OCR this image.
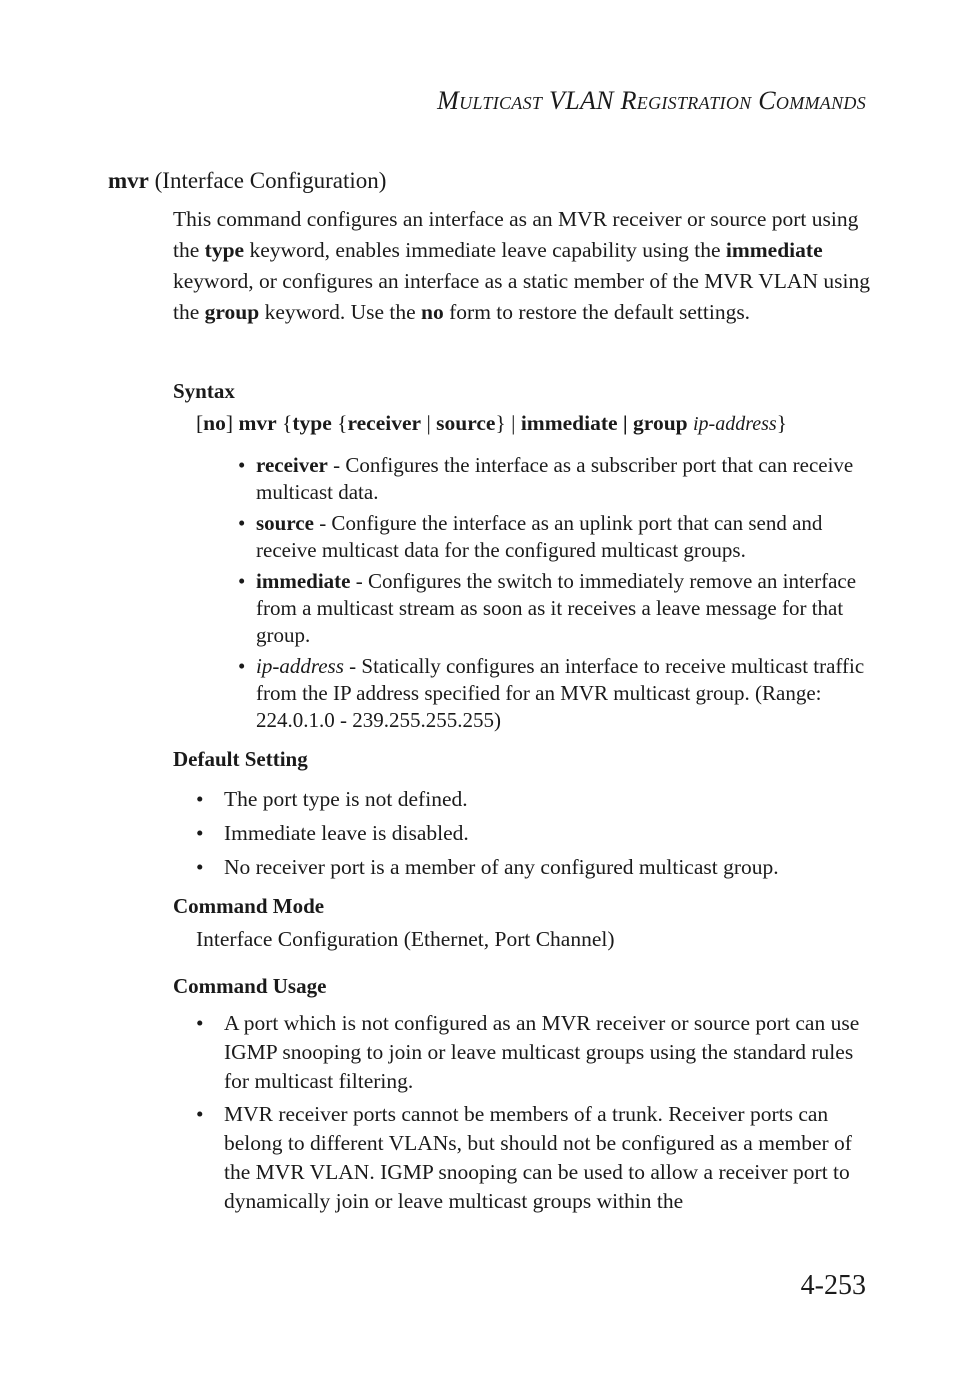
MULTICAST VLAN REGISTRATION COMMANDS
mvr (Interface Configuration)
This command configures an interface as an MVR receiver or source port using the type keyword, enables immediate leave capability using the immediate keyword, or configures an interface as a static member of the MVR VLAN using the group keyword. Use the no form to restore the default settings.
Syntax
[no] mvr {type {receiver | source} | immediate | group ip-address}
• receiver - Configures the interface as a subscriber port that can receive multicast data.
• source - Configure the interface as an uplink port that can send and receive multicast data for the configured multicast groups.
• immediate - Configures the switch to immediately remove an interface from a multicast stream as soon as it receives a leave message for that group.
• ip-address - Statically configures an interface to receive multicast traffic from the IP address specified for an MVR multicast group. (Range: 224.0.1.0 - 239.255.255.255)
Default Setting
• The port type is not defined.
• Immediate leave is disabled.
• No receiver port is a member of any configured multicast group.
Command Mode
Interface Configuration (Ethernet, Port Channel)
Command Usage
• A port which is not configured as an MVR receiver or source port can use IGMP snooping to join or leave multicast groups using the standard rules for multicast filtering.
• MVR receiver ports cannot be members of a trunk. Receiver ports can belong to different VLANs, but should not be configured as a member of the MVR VLAN. IGMP snooping can be used to allow a receiver port to dynamically join or leave multicast groups within the
4-253
